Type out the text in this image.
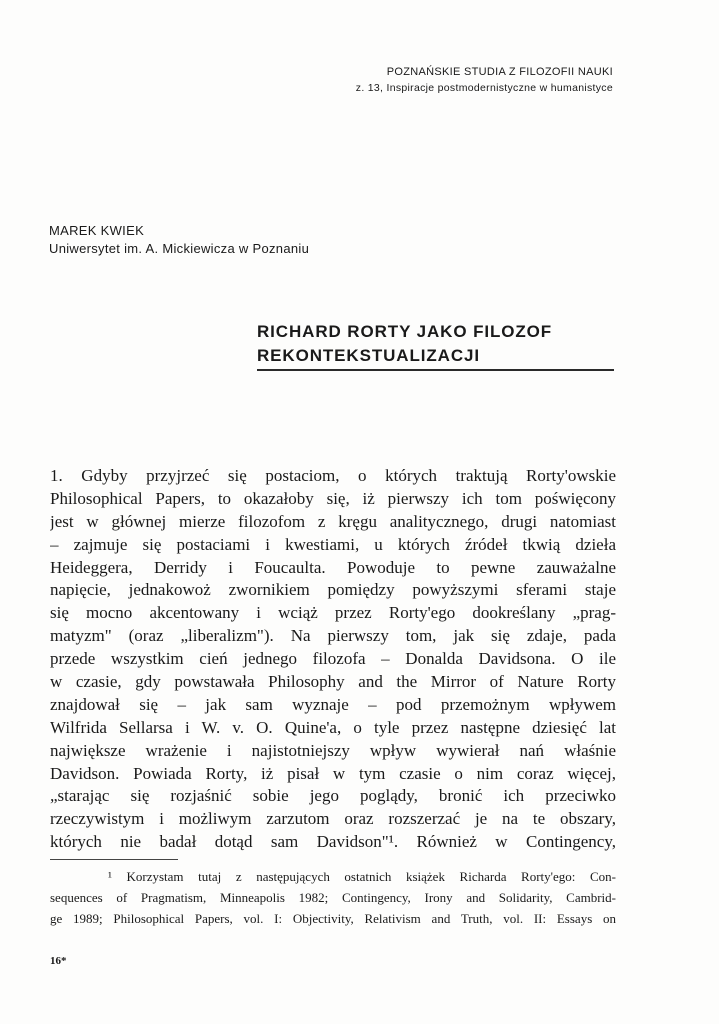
POZNAŃSKIE STUDIA Z FILOZOFII NAUKI
z. 13, Inspiracje postmodernistyczne w humanistyce
MAREK KWIEK
Uniwersytet im. A. Mickiewicza w Poznaniu
RICHARD RORTY JAKO FILOZOF
REKONTEKSTUALIZACJI
1. Gdyby przyjrzeć się postaciom, o których traktują Rorty'owskie
Philosophical Papers, to okazałoby się, iż pierwszy ich tom poświęcony
jest w głównej mierze filozofom z kręgu analitycznego, drugi natomiast
– zajmuje się postaciami i kwestiami, u których źródeł tkwią dzieła
Heideggera, Derridy i Foucaulta. Powoduje to pewne zauważalne
napięcie, jednakowoż zwornikiem pomiędzy powyższymi sferami staje
się mocno akcentowany i wciąż przez Rorty'ego dookreślany „prag-
matyzm" (oraz „liberalizm"). Na pierwszy tom, jak się zdaje, pada
przede wszystkim cień jednego filozofa – Donalda Davidsona. O ile
w czasie, gdy powstawała Philosophy and the Mirror of Nature Rorty
znajdował się – jak sam wyznaje – pod przemożnym wpływem
Wilfrida Sellarsa i W. v. O. Quine'a, o tyle przez następne dziesięć lat
największe wrażenie i najistotniejszy wpływ wywierał nań właśnie
Davidson. Powiada Rorty, iż pisał w tym czasie o nim coraz więcej,
„starając się rozjaśnić sobie jego poglądy, bronić ich przeciwko
rzeczywistym i możliwym zarzutom oraz rozszerzać je na te obszary,
których nie badał dotąd sam Davidson"¹. Również w Contingency,
¹ Korzystam tutaj z następujących ostatnich książek Richarda Rorty'ego: Con-
sequences of Pragmatism, Minneapolis 1982; Contingency, Irony and Solidarity, Cambrid-
ge 1989; Philosophical Papers, vol. I: Objectivity, Relativism and Truth, vol. II: Essays on
16*
